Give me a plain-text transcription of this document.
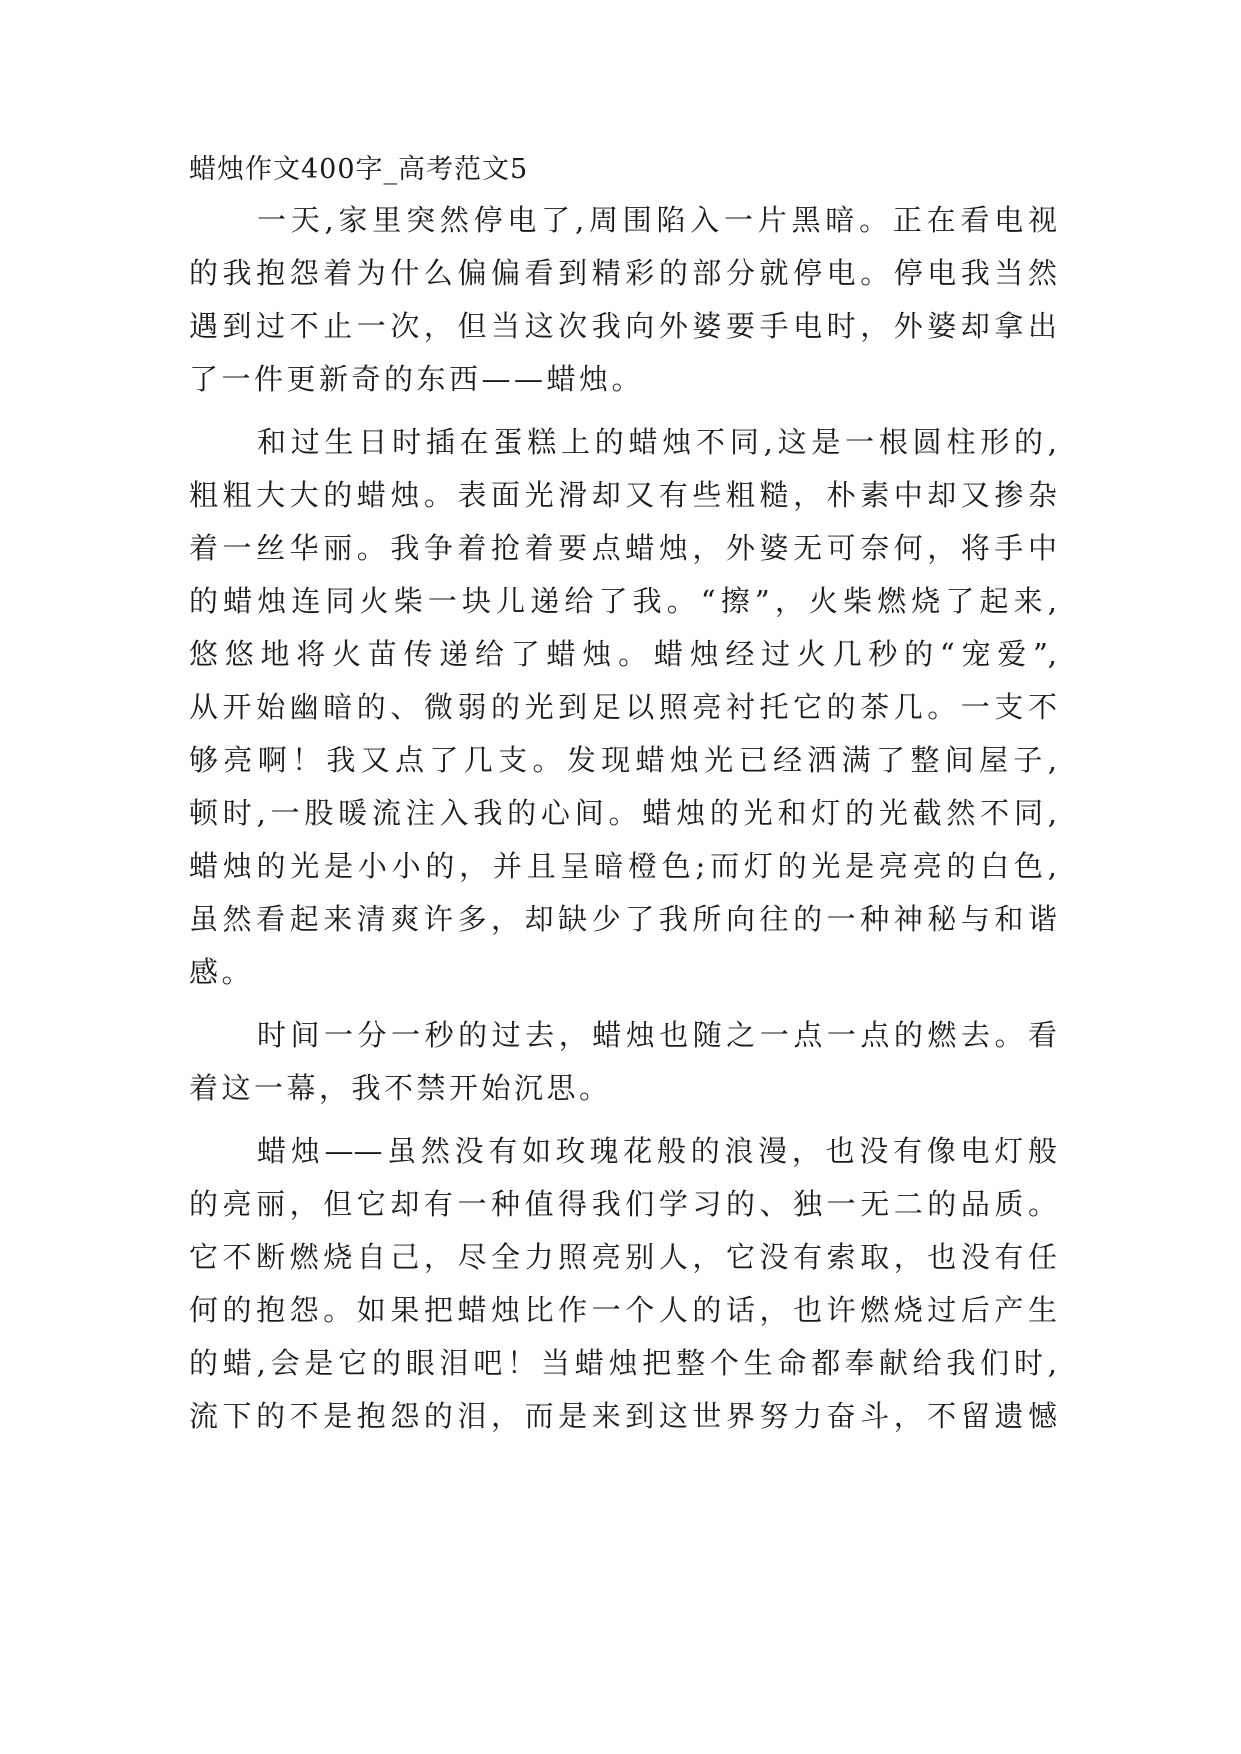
蜡烛作文400字_高考范文5
一天,家里突然停电了,周围陷入一片黑暗。正在看电视
的我抱怨着为什么偏偏看到精彩的部分就停电。停电我当然
遇到过不止一次，但当这次我向外婆要手电时，外婆却拿出
了一件更新奇的东西——蜡烛。
和过生日时插在蛋糕上的蜡烛不同,这是一根圆柱形的,
粗粗大大的蜡烛。表面光滑却又有些粗糙，朴素中却又掺杂
着一丝华丽。我争着抢着要点蜡烛，外婆无可奈何，将手中
的蜡烛连同火柴一块儿递给了我。“擦”，火柴燃烧了起来,
悠悠地将火苗传递给了蜡烛。蜡烛经过火几秒的“宠爱”,
从开始幽暗的、微弱的光到足以照亮衬托它的茶几。一支不
够亮啊！我又点了几支。发现蜡烛光已经洒满了整间屋子,
顿时,一股暖流注入我的心间。蜡烛的光和灯的光截然不同,
蜡烛的光是小小的，并且呈暗橙色;而灯的光是亮亮的白色,
虽然看起来清爽许多，却缺少了我所向往的一种神秘与和谐
感。
时间一分一秒的过去，蜡烛也随之一点一点的燃去。看
着这一幕，我不禁开始沉思。
蜡烛——虽然没有如玫瑰花般的浪漫，也没有像电灯般
的亮丽，但它却有一种值得我们学习的、独一无二的品质。
它不断燃烧自己，尽全力照亮别人，它没有索取，也没有任
何的抱怨。如果把蜡烛比作一个人的话，也许燃烧过后产生
的蜡,会是它的眼泪吧！当蜡烛把整个生命都奉献给我们时,
流下的不是抱怨的泪，而是来到这世界努力奋斗，不留遗憾
